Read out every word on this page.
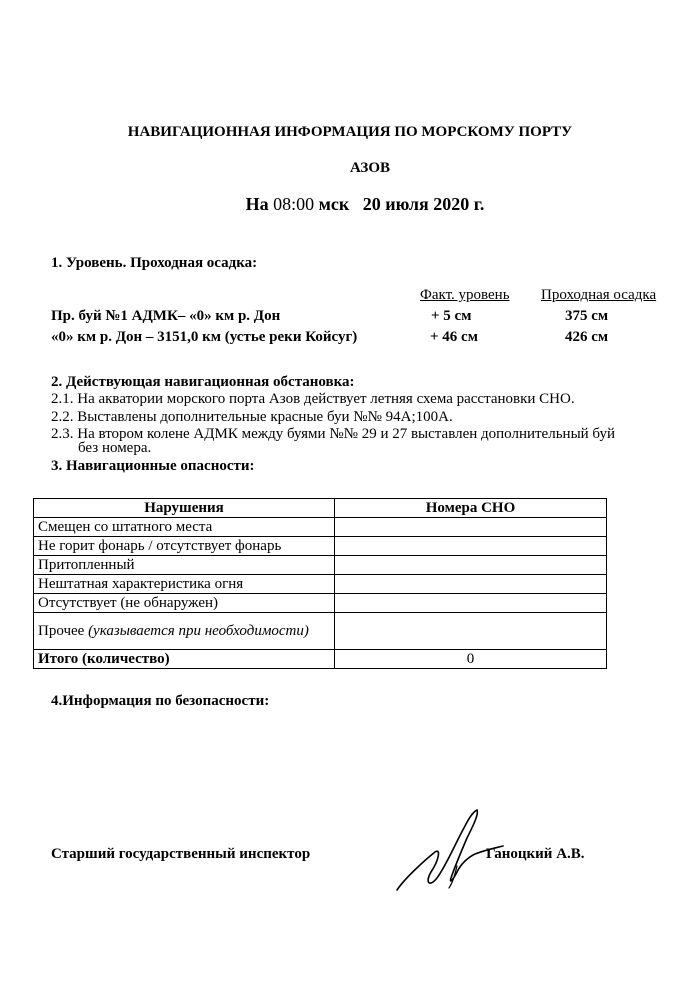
НАВИГАЦИОННАЯ ИНФОРМАЦИЯ ПО МОРСКОМУ ПОРТУ
АЗОВ
На 08:00 мск 20 июля 2020 г.
1. Уровень. Проходная осадка:
Факт. уровень Проходная осадка
Пр. буй №1 АДМК– «0» км р. Дон	+ 5 см	375 см
«0» км р. Дон – 3151,0 км (устье реки Койсуг)	+ 46 см	426 см
2. Действующая навигационная обстановка:
2.1. На акватории морского порта Азов действует летняя схема расстановки СНО.
2.2. Выставлены дополнительные красные буи №№ 94А;100А.
2.3. На втором колене АДМК между буями №№ 29 и 27 выставлен дополнительный буй
без номера.
3. Навигационные опасности:
Нарушения	Номера СНО
Смещен со штатного места	
Не горит фонарь / отсутствует фонарь	
Притопленный	
Нештатная характеристика огня	
Отсутствует (не обнаружен)	
Прочее (указывается при необходимости)	
Итого (количество)	0
4.Информация по безопасности:
Старший государственный инспектор	Ганоцкий А.В.
